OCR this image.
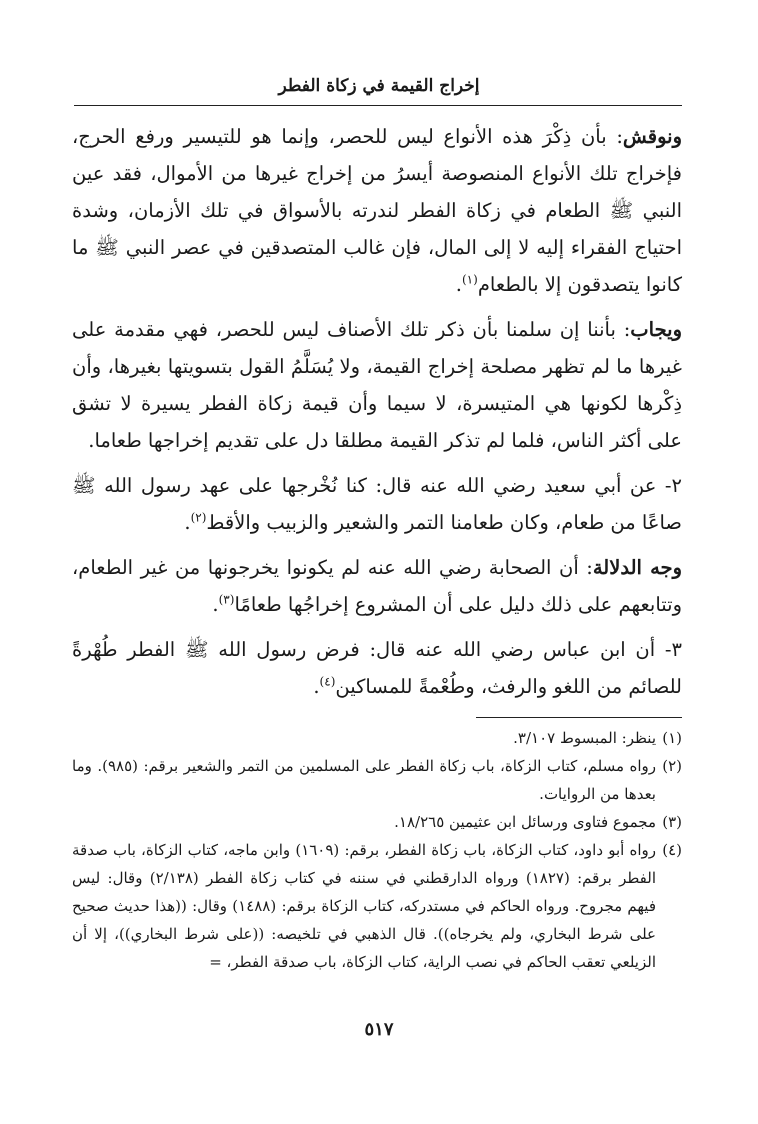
إخراج القيمة في زكاة الفطر

ونوقش: بأن ذِكْرَ هذه الأنواع ليس للحصر، وإنما هو للتيسير ورفع الحرج، فإخراج تلك الأنواع المنصوصة أيسرُ من إخراج غيرها من الأموال، فقد عين النبي ﷺ الطعام في زكاة الفطر لندرته بالأسواق في تلك الأزمان، وشدة احتياج الفقراء إليه لا إلى المال، فإن غالب المتصدقين في عصر النبي ﷺ ما كانوا يتصدقون إلا بالطعام$^{(١)}$.

ويجاب: بأننا إن سلمنا بأن ذكر تلك الأصناف ليس للحصر، فهي مقدمة على غيرها ما لم تظهر مصلحة إخراج القيمة، ولا يُسَلَّمُ القول بتسويتها بغيرها، وأن ذِكْرها لكونها هي المتيسرة، لا سيما وأن قيمة زكاة الفطر يسيرة لا تشق على أكثر الناس، فلما لم تذكر القيمة مطلقا دل على تقديم إخراجها طعاما.

٢- عن أبي سعيد رضي الله عنه قال: كنا نُخْرجها على عهد رسول الله ﷺ صاعًا من طعام، وكان طعامنا التمر والشعير والزبيب والأقط$^{(٢)}$.

وجه الدلالة: أن الصحابة رضي الله عنه لم يكونوا يخرجونها من غير الطعام، وتتابعهم على ذلك دليل على أن المشروع إخراجُها طعامًا$^{(٣)}$.

٣- أن ابن عباس رضي الله عنه قال: فرض رسول الله ﷺ الفطر طُهْرةً للصائم من اللغو والرفث، وطُعْمةً للمساكين$^{(٤)}$.

(١)
ينظر: المبسوط ٣/١٠٧.
(٢)
رواه مسلم، كتاب الزكاة، باب زكاة الفطر على المسلمين من التمر والشعير برقم: (٩٨٥). وما بعدها من الروايات.
(٣)
مجموع فتاوى ورسائل ابن عثيمين ١٨/٢٦٥.
(٤)
رواه أبو داود، كتاب الزكاة، باب زكاة الفطر، برقم: (١٦٠٩) وابن ماجه، كتاب الزكاة، باب صدقة الفطر برقم: (١٨٢٧) ورواه الدارقطني في سننه في كتاب زكاة الفطر (٢/١٣٨) وقال: ليس فيهم مجروح. ورواه الحاكم في مستدركه، كتاب الزكاة برقم: (١٤٨٨) وقال: ((هذا حديث صحيح على شرط البخاري، ولم يخرجاه)). قال الذهبي في تلخيصه: ((على شرط البخاري))، إلا أن الزيلعي تعقب الحاكم في نصب الراية، كتاب الزكاة، باب صدقة الفطر، =
٥١٧
